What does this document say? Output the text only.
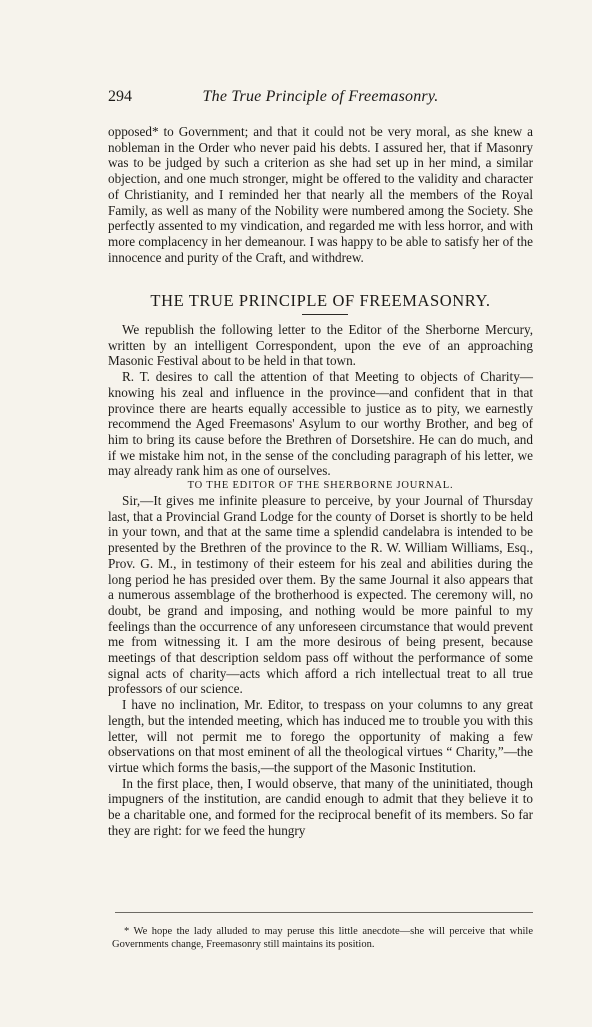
294	The True Principle of Freemasonry.

opposed* to Government; and that it could not be very moral, as she knew a nobleman in the Order who never paid his debts. I assured her, that if Masonry was to be judged by such a criterion as she had set up in her mind, a similar objection, and one much stronger, might be offered to the validity and character of Christianity, and I reminded her that nearly all the members of the Royal Family, as well as many of the Nobility were numbered among the Society. She perfectly assented to my vindication, and regarded me with less horror, and with more complacency in her demeanour. I was happy to be able to satisfy her of the innocence and purity of the Craft, and withdrew.

THE TRUE PRINCIPLE OF FREEMASONRY.

We republish the following letter to the Editor of the Sherborne Mercury, written by an intelligent Correspondent, upon the eve of an approaching Masonic Festival about to be held in that town.

R. T. desires to call the attention of that Meeting to objects of Charity—knowing his zeal and influence in the province—and confident that in that province there are hearts equally accessible to justice as to pity, we earnestly recommend the Aged Freemasons' Asylum to our worthy Brother, and beg of him to bring its cause before the Brethren of Dorsetshire. He can do much, and if we mistake him not, in the sense of the concluding paragraph of his letter, we may already rank him as one of ourselves.

TO THE EDITOR OF THE SHERBORNE JOURNAL.

Sir,—It gives me infinite pleasure to perceive, by your Journal of Thursday last, that a Provincial Grand Lodge for the county of Dorset is shortly to be held in your town, and that at the same time a splendid candelabra is intended to be presented by the Brethren of the province to the R. W. William Williams, Esq., Prov. G. M., in testimony of their esteem for his zeal and abilities during the long period he has presided over them. By the same Journal it also appears that a numerous assemblage of the brotherhood is expected. The ceremony will, no doubt, be grand and imposing, and nothing would be more painful to my feelings than the occurrence of any unforeseen circumstance that would prevent me from witnessing it. I am the more desirous of being present, because meetings of that description seldom pass off without the performance of some signal acts of charity—acts which afford a rich intellectual treat to all true professors of our science.

I have no inclination, Mr. Editor, to trespass on your columns to any great length, but the intended meeting, which has induced me to trouble you with this letter, will not permit me to forego the opportunity of making a few observations on that most eminent of all the theological virtues “ Charity,”—the virtue which forms the basis,—the support of the Masonic Institution.

In the first place, then, I would observe, that many of the uninitiated, though impugners of the institution, are candid enough to admit that they believe it to be a charitable one, and formed for the reciprocal benefit of its members. So far they are right: for we feed the hungry

* We hope the lady alluded to may peruse this little anecdote—she will perceive that while Governments change, Freemasonry still maintains its position.
